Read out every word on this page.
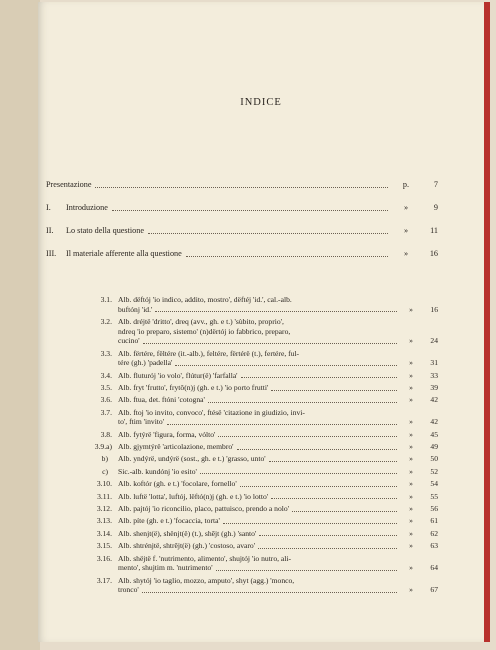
INDICE
Presentazione	p.	7
I. Introduzione	»	9
II. Lo stato della questione	»	11
III. Il materiale afferente alla questione	»	16
3.1. Alb. dëftój 'io indico, addito, mostro', dëftéj 'id.', cal.-alb.
buftónj 'id.'	»	16
3.2. Alb. dréjtë 'dritto', dreq (avv., gh. e t.) 'sùbito, proprio',
ndreq 'io preparo, sistemo' (n)dërtój io fabbrico, preparo,
cucino'	»	24
3.3. Alb. fërtére, fëltére (it.-alb.), feltére, fërtérë (t.), fertére, ful-
tére (gh.) 'padella'	»	31
3.4. Alb. fluturój 'io volo', flútur(ë) 'farfalla'	»	33
3.5. Alb. fryt 'frutto', frytô(n)j (gh. e t.) 'io porto frutti'	»	39
3.6. Alb. ftua, det. ftóni 'cotogna'	»	42
3.7. Alb. ftoj 'io invito, convoco', ftésë 'citazione in giudizio, invi-
to', ftim 'invito'	»	42
3.8. Alb. fytýrë 'figura, forma, vólto'	»	45
3.9.a) Alb. gjymtýrë 'articolazione, membro'	»	49
b)	Alb. yndýrë, undýrë (sost., gh. e t.) 'grasso, unto'	»	50
c)	Sic.-alb. kundónj 'io esito'	»	52
3.10. Alb. koftór (gh. e t.) 'focolare, fornello'	»	54
3.11. Alb. luftë 'lotta', luftój, lëftó(n)j (gh. e t.) 'io lotto'	»	55
3.12. Alb. pajtój 'io riconcilio, placo, pattuisco, prendo a nolo'	»	56
3.13. Alb. píte (gh. e t.) 'focaccia, torta'	»	61
3.14. Alb. shenjt(ë), shënjt(ë) (t.), shējt (gh.) 'santo'	»	62
3.15. Alb. shtrénjtë, shtrêjt(ë) (gh.) 'costoso, avaro'	»	63
3.16. Alb. shëjtë f. 'nutrimento, alimento', shujtój 'io nutro, ali-
mento', shujtim m. 'nutrimento'	»	64
3.17. Alb. shytój 'io taglio, mozzo, amputo', shyt (agg.) 'monco,
tronco'	»	67
